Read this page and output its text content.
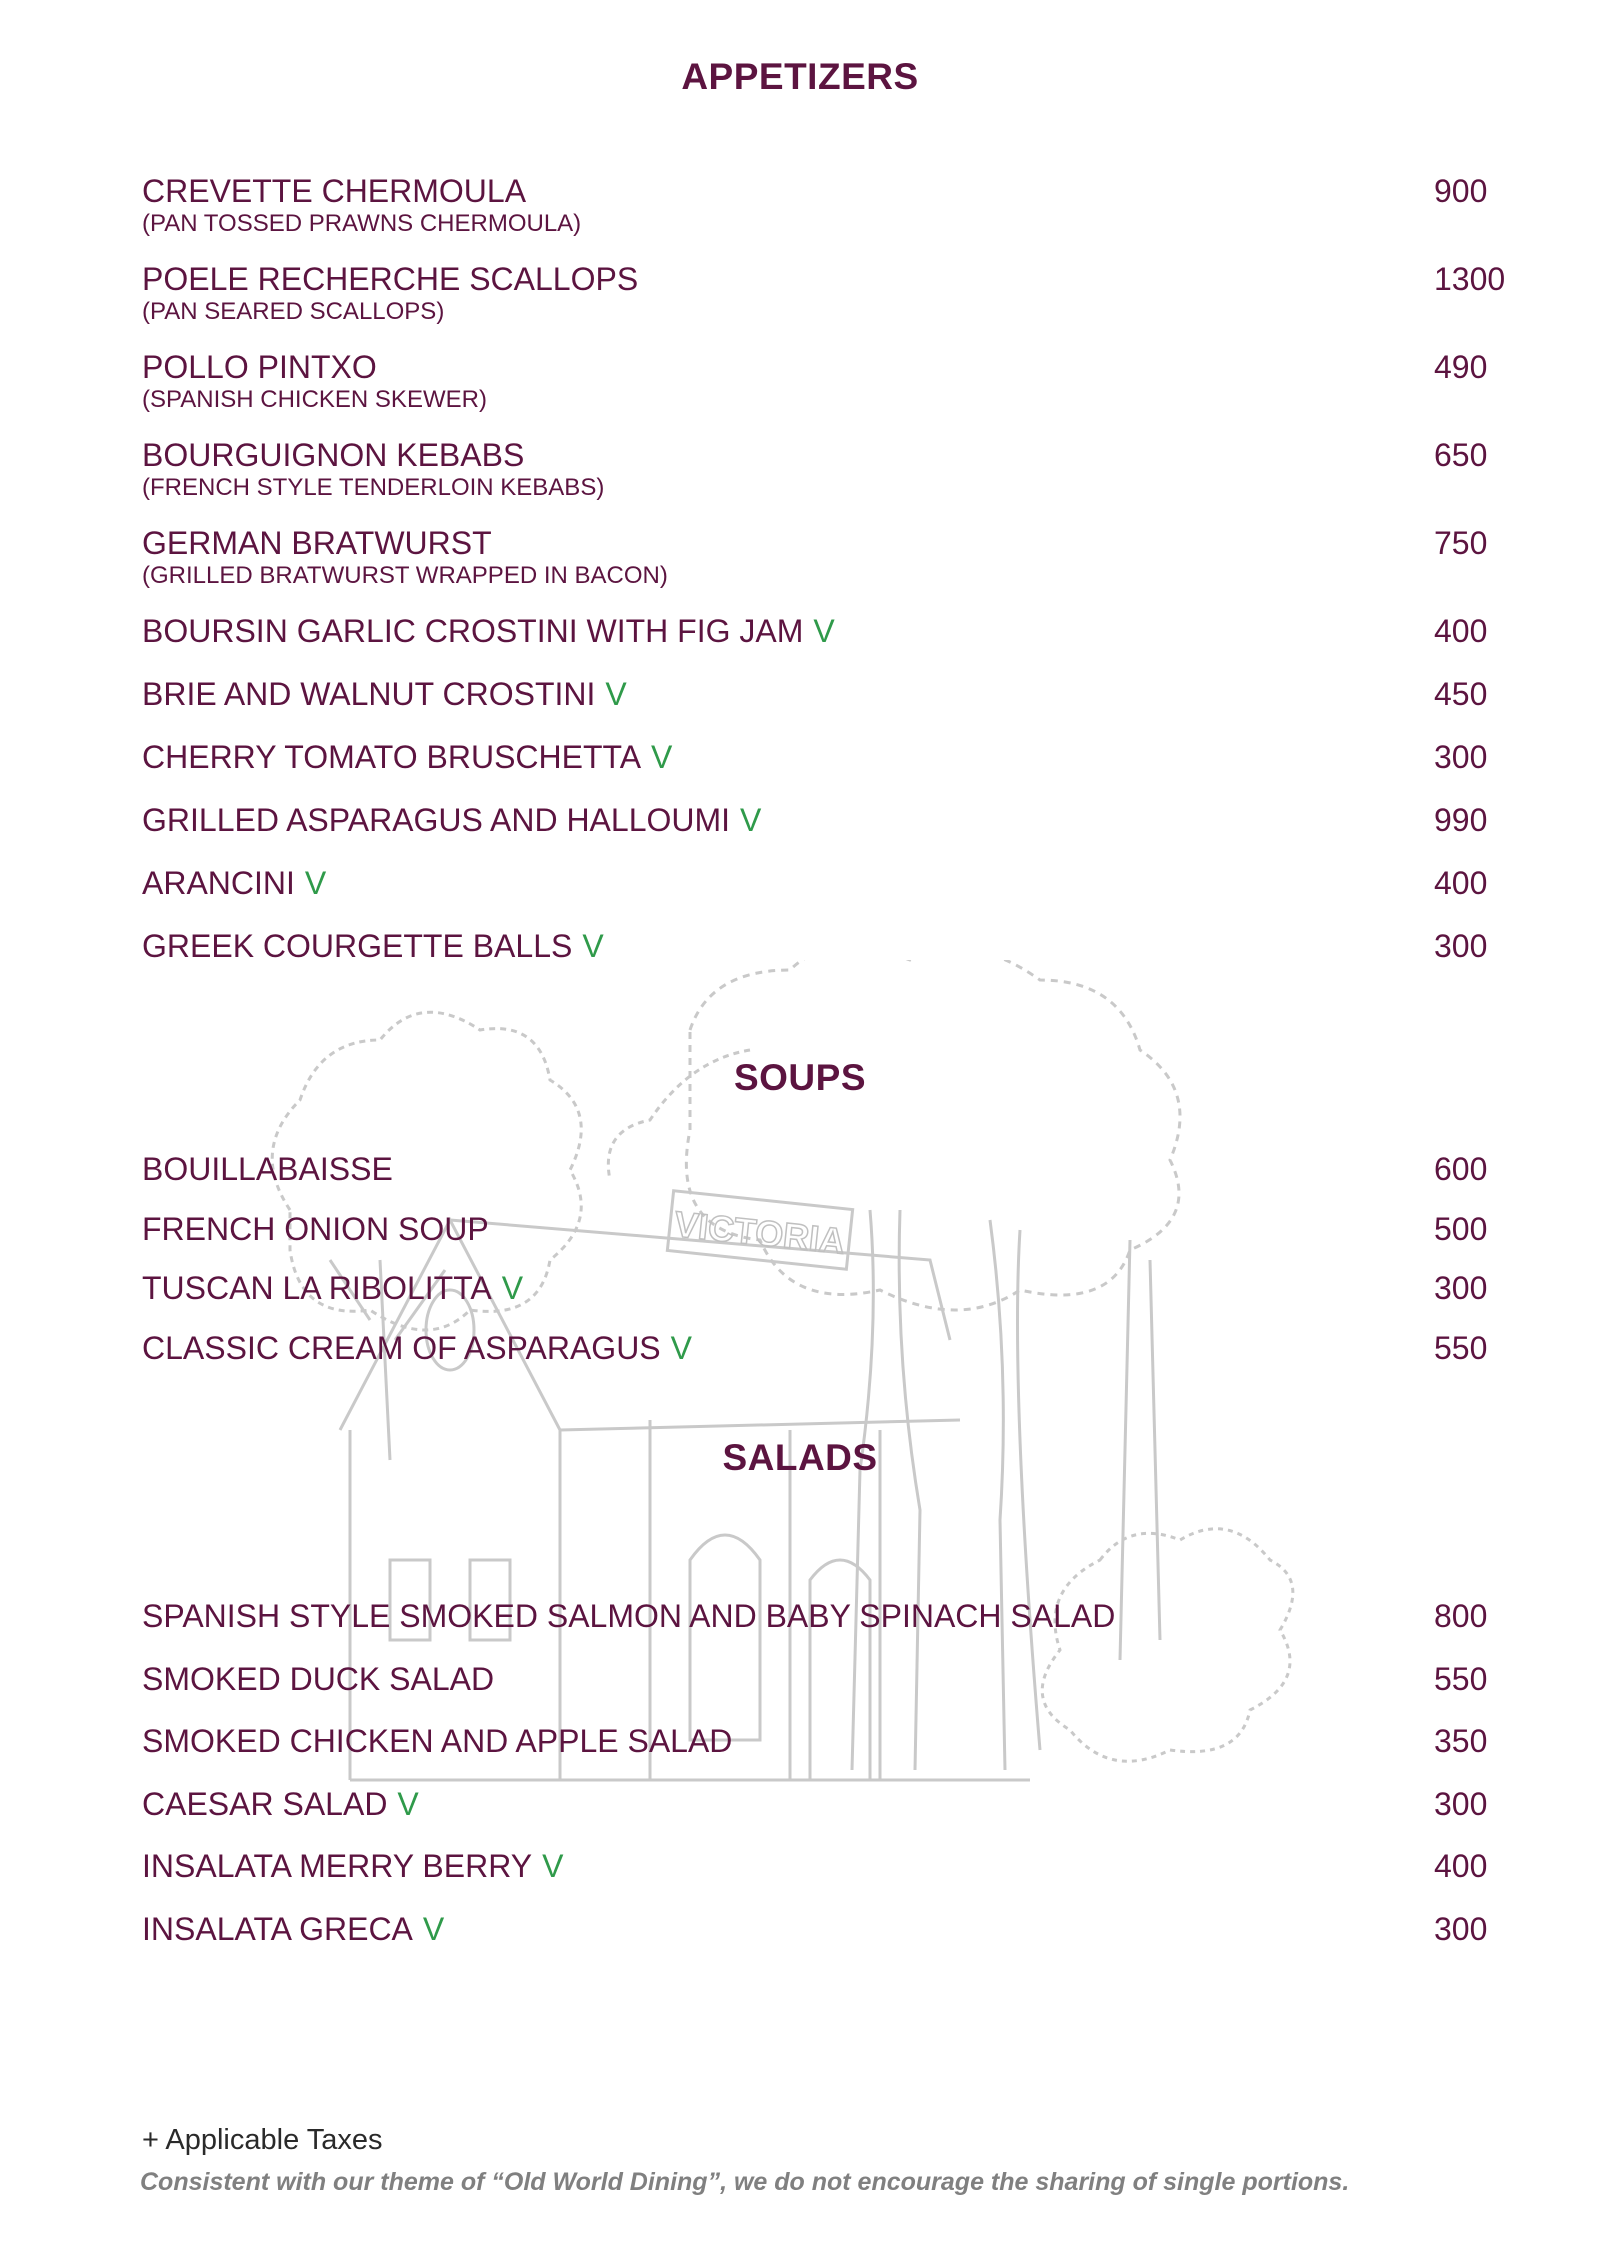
VICTORIA
APPETIZERS
CREVETTE CHERMOULA
(PAN TOSSED PRAWNS CHERMOULA)
900
POELE RECHERCHE SCALLOPS
(PAN SEARED SCALLOPS)
1300
POLLO PINTXO
(SPANISH CHICKEN SKEWER)
490
BOURGUIGNON KEBABS
(FRENCH STYLE TENDERLOIN KEBABS)
650
GERMAN BRATWURST
(GRILLED BRATWURST WRAPPED IN BACON)
750
BOURSIN GARLIC CROSTINI WITH FIG JAM V	400
BRIE AND WALNUT CROSTINI V	450
CHERRY TOMATO BRUSCHETTA V	300
GRILLED ASPARAGUS AND HALLOUMI V	990
ARANCINI V	400
GREEK COURGETTE BALLS V	300
SOUPS
BOUILLABAISSE	600
FRENCH ONION SOUP	500
TUSCAN LA RIBOLITTA V	300
CLASSIC CREAM OF ASPARAGUS V	550
SALADS
SPANISH STYLE SMOKED SALMON AND BABY SPINACH SALAD	800
SMOKED DUCK SALAD	550
SMOKED CHICKEN AND APPLE SALAD	350
CAESAR SALAD V	300
INSALATA MERRY BERRY V	400
INSALATA GRECA V	300
+ Applicable Taxes
Consistent with our theme of “Old World Dining”, we do not encourage the sharing of single portions.
